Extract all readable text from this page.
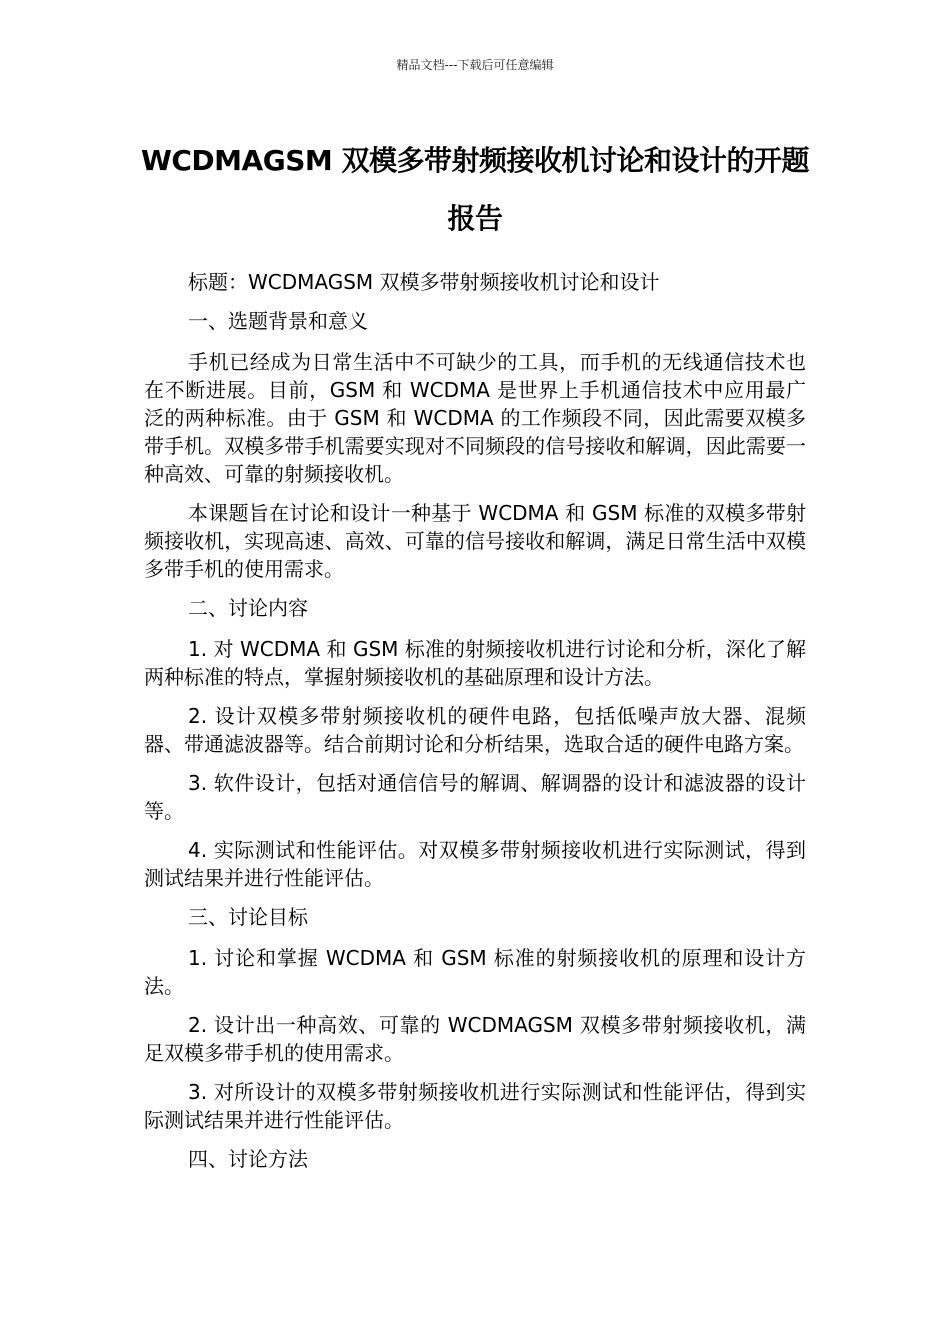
精品文档---下载后可任意编辑
WCDMAGSM 双模多带射频接收机讨论和设计的开题报告

标题：WCDMAGSM 双模多带射频接收机讨论和设计

一、选题背景和意义

手机已经成为日常生活中不可缺少的工具，而手机的无线通信技术也在不断进展。目前，GSM 和 WCDMA 是世界上手机通信技术中应用最广泛的两种标准。由于 GSM 和 WCDMA 的工作频段不同，因此需要双模多带手机。双模多带手机需要实现对不同频段的信号接收和解调，因此需要一种高效、可靠的射频接收机。

本课题旨在讨论和设计一种基于 WCDMA 和 GSM 标准的双模多带射频接收机，实现高速、高效、可靠的信号接收和解调，满足日常生活中双模多带手机的使用需求。

二、讨论内容

1. 对 WCDMA 和 GSM 标准的射频接收机进行讨论和分析，深化了解两种标准的特点，掌握射频接收机的基础原理和设计方法。

2. 设计双模多带射频接收机的硬件电路，包括低噪声放大器、混频器、带通滤波器等。结合前期讨论和分析结果，选取合适的硬件电路方案。

3. 软件设计，包括对通信信号的解调、解调器的设计和滤波器的设计等。

4. 实际测试和性能评估。对双模多带射频接收机进行实际测试，得到测试结果并进行性能评估。

三、讨论目标

1. 讨论和掌握 WCDMA 和 GSM 标准的射频接收机的原理和设计方法。

2. 设计出一种高效、可靠的 WCDMAGSM 双模多带射频接收机，满足双模多带手机的使用需求。

3. 对所设计的双模多带射频接收机进行实际测试和性能评估，得到实际测试结果并进行性能评估。

四、讨论方法
